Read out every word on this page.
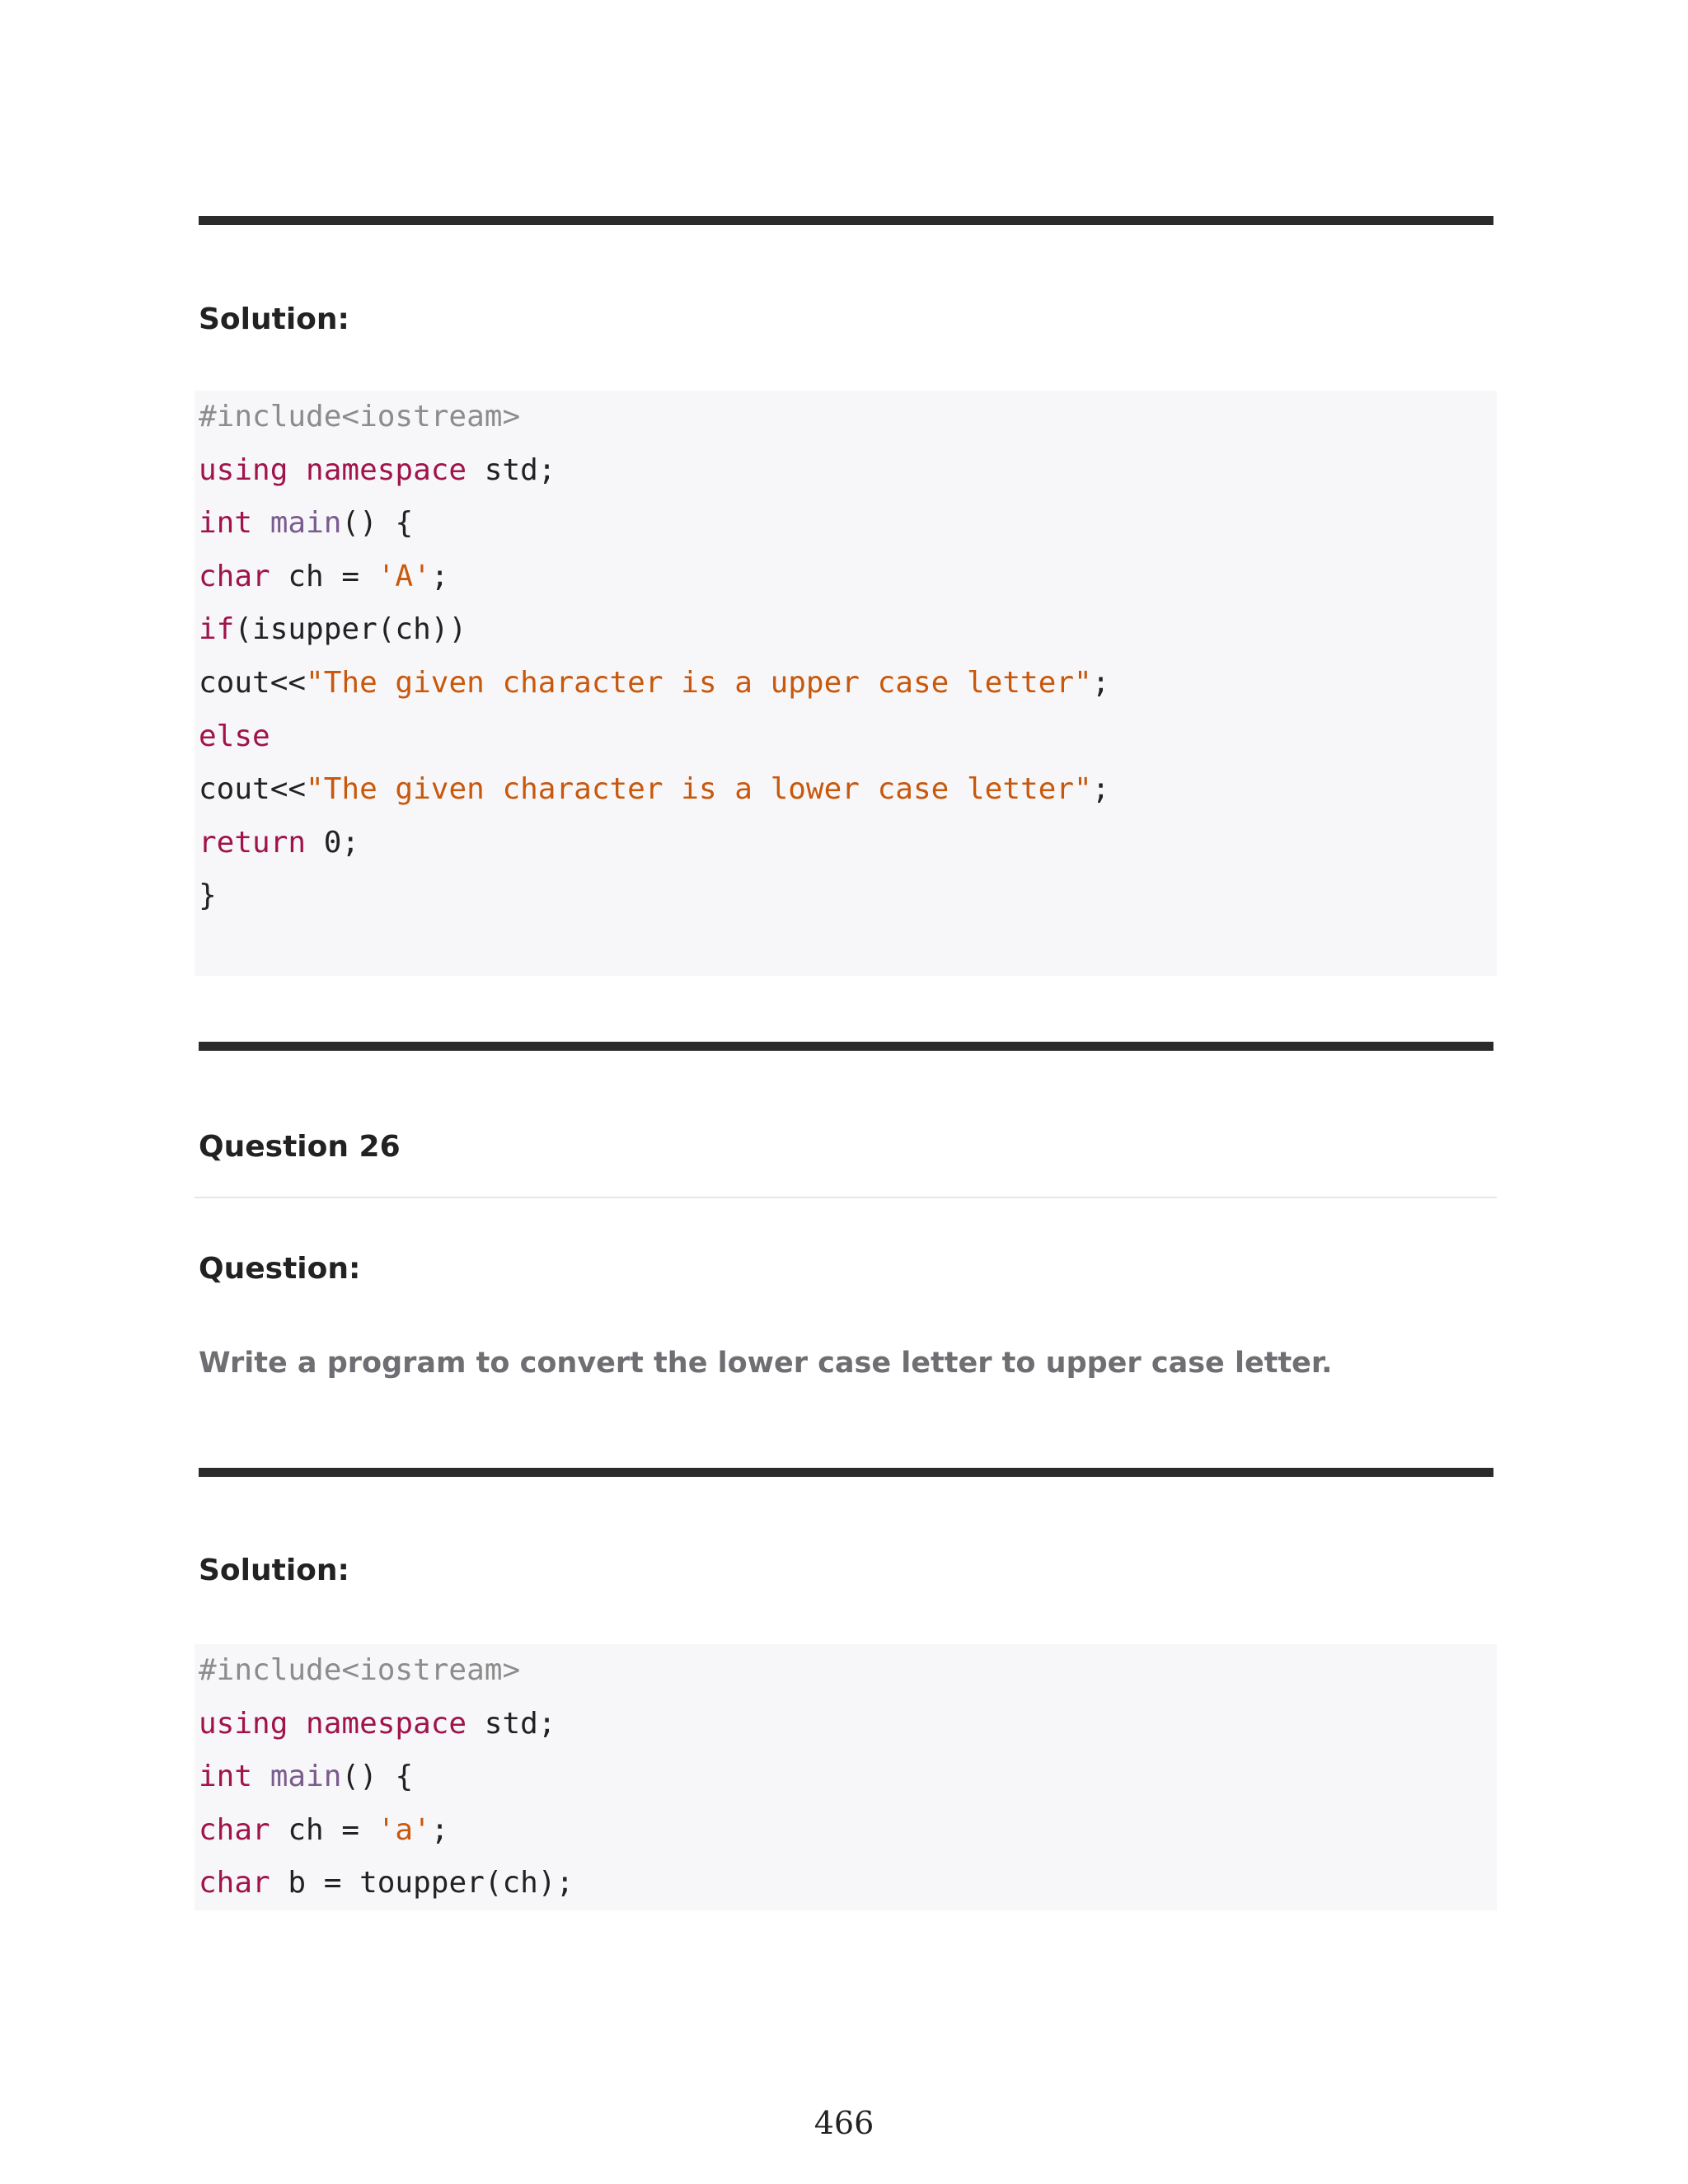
Solution:
#include<iostream>
using namespace std;
int main() {
char ch = 'A';
if(isupper(ch))
cout<<"The given character is a upper case letter";
else
cout<<"The given character is a lower case letter";
return 0;
}
Question 26
Question:

Write a program to convert the lower case letter to upper case letter.

Solution:
#include<iostream>
using namespace std;
int main() {
char ch = 'a';
char b = toupper(ch);
466
